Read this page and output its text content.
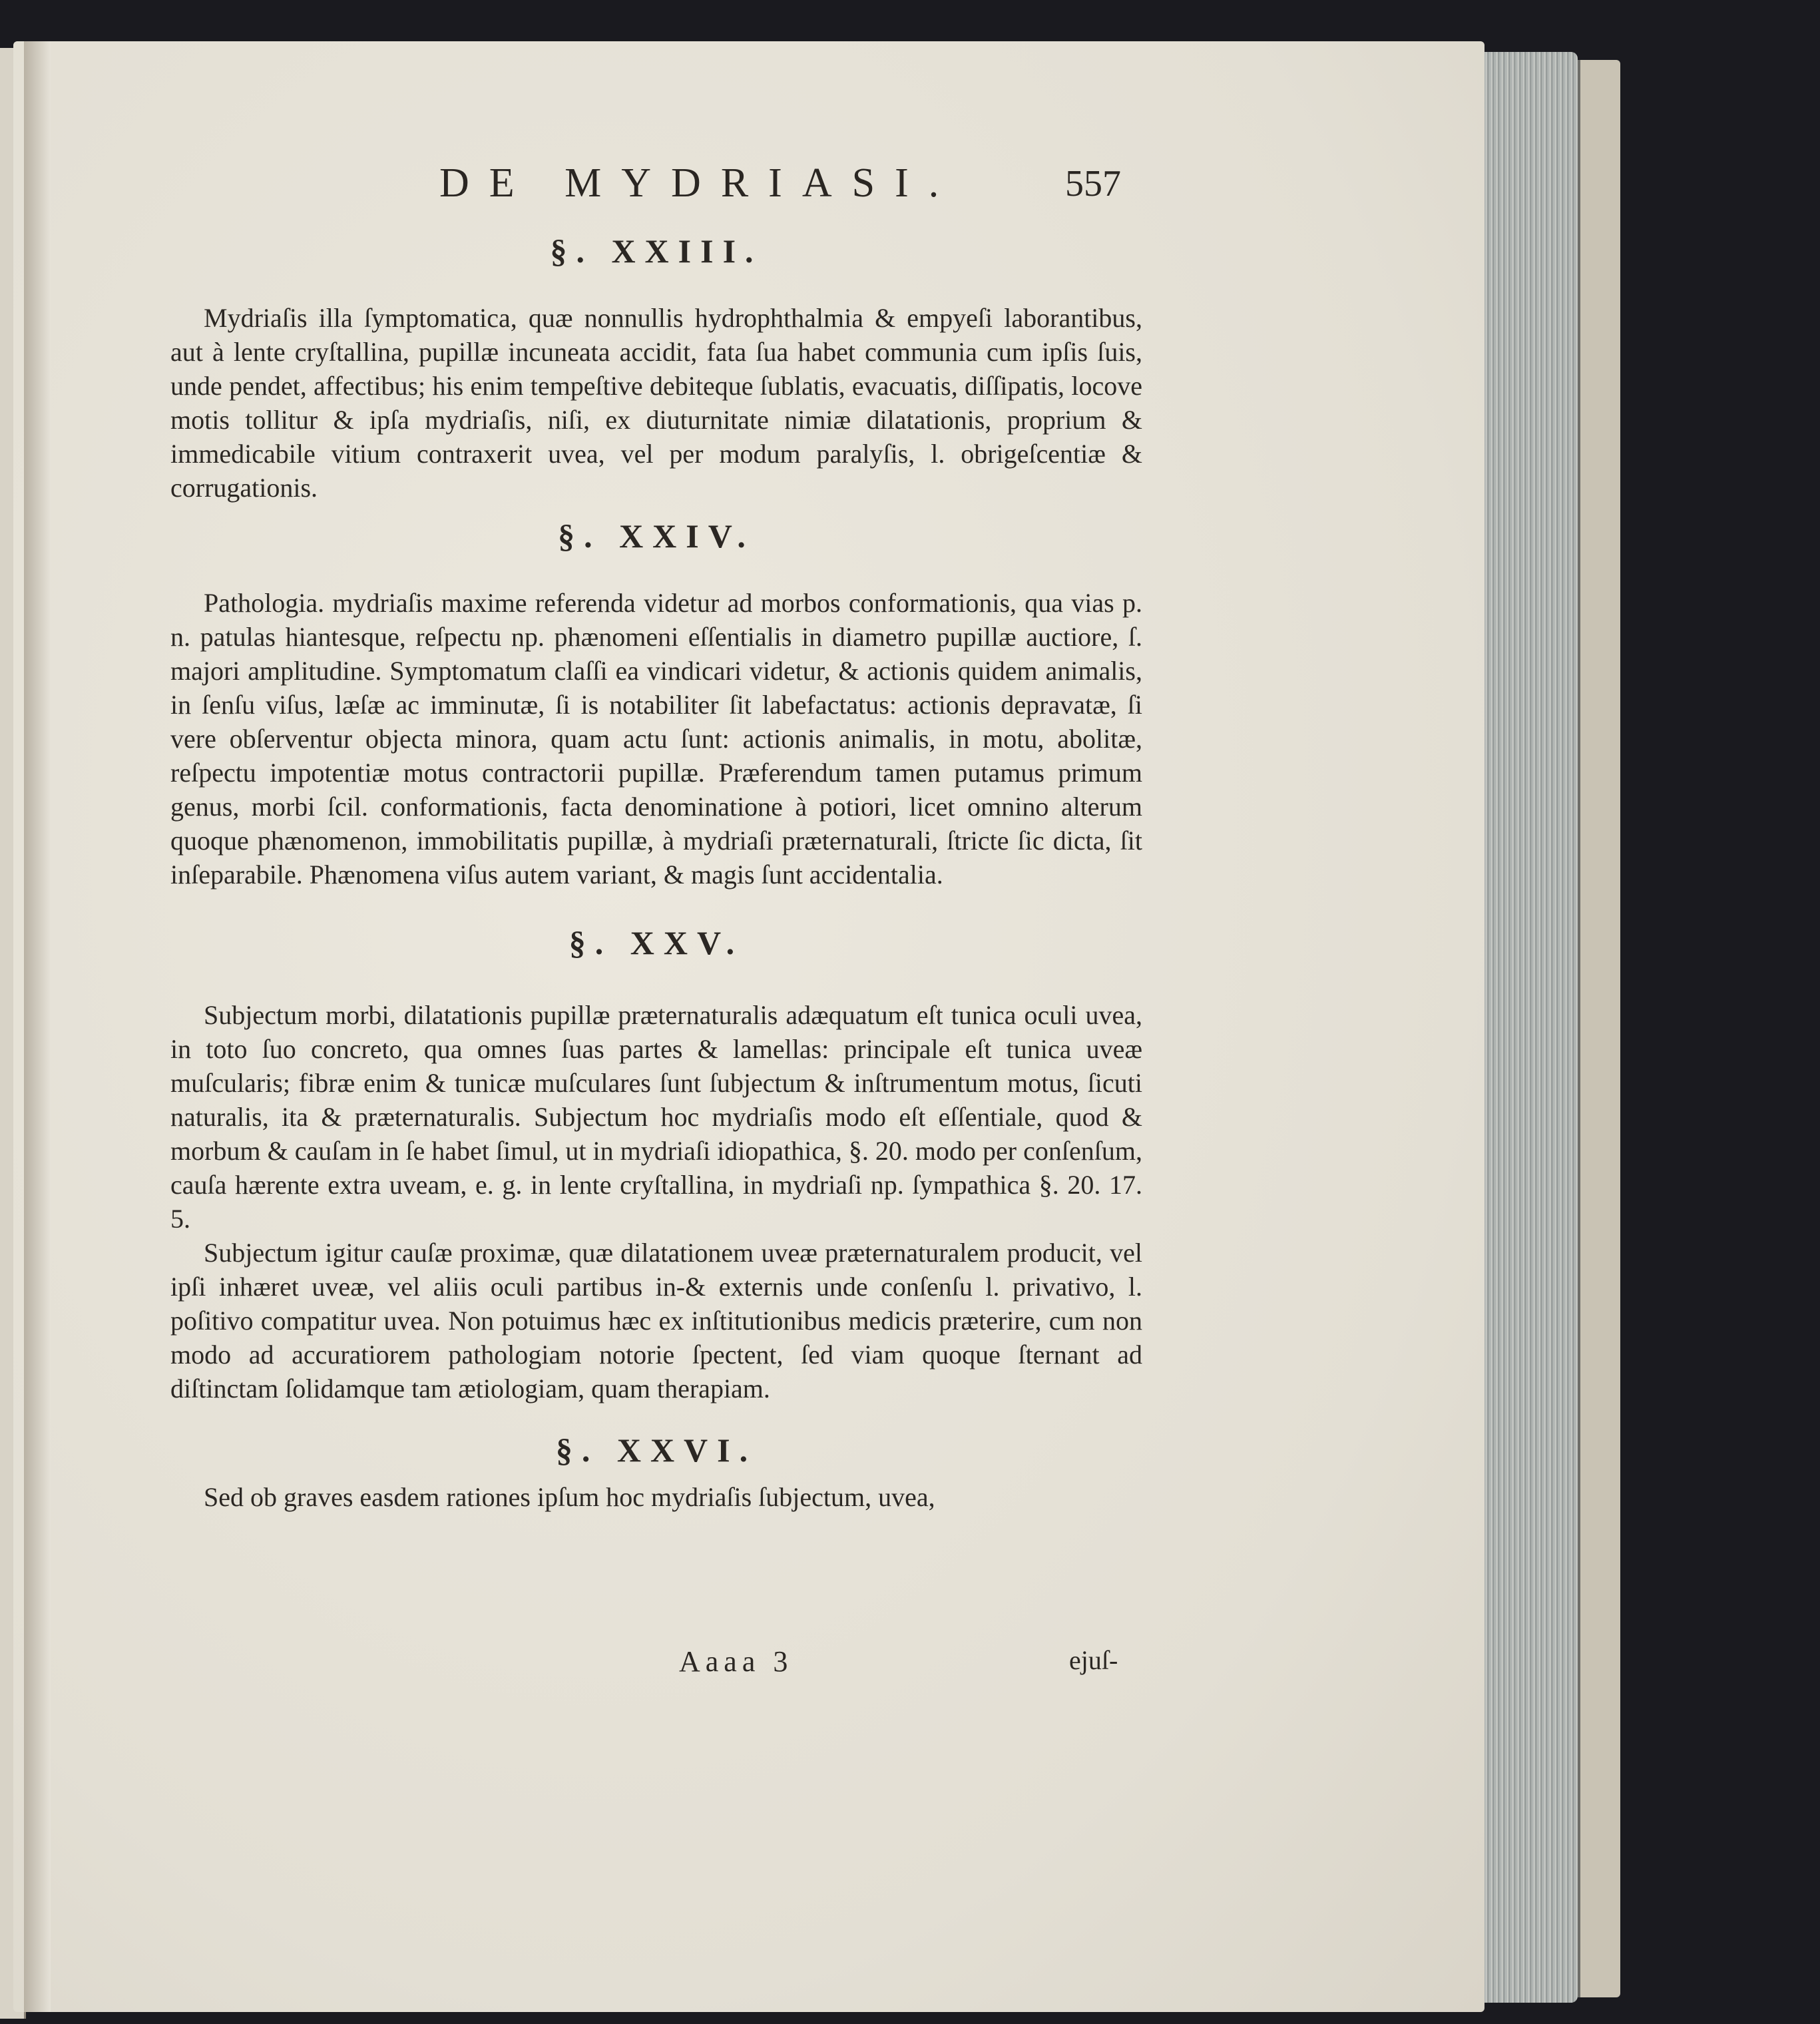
DE MYDRIASI.	557
§. XXIII.

Mydriaſis illa ſymptomatica, quæ nonnullis hydrophthalmia & empyeſi laborantibus, aut à lente cryſtallina, pupillæ incuneata accidit, fata ſua habet communia cum ipſis ſuis, unde pendet, affectibus; his enim tempeſtive debiteque ſublatis, evacuatis, diſſipatis, locove motis tollitur & ipſa mydriaſis, niſi, ex diuturnitate nimiæ dilatationis, proprium & immedicabile vitium contraxerit uvea, vel per modum paralyſis, l. obrigeſcentiæ & corrugationis.

§. XXIV.

Pathologia. mydriaſis maxime referenda videtur ad morbos conformationis, qua vias p. n. patulas hiantesque, reſpectu np. phænomeni eſſentialis in diametro pupillæ auctiore, ſ. majori amplitudine. Symptomatum claſſi ea vindicari videtur, & actionis quidem animalis, in ſenſu viſus, læſæ ac imminutæ, ſi is notabiliter ſit labefactatus: actionis depravatæ, ſi vere obſerventur objecta minora, quam actu ſunt: actionis animalis, in motu, abolitæ, reſpectu impotentiæ motus contractorii pupillæ. Præferendum tamen putamus primum genus, morbi ſcil. conformationis, facta denominatione à potiori, licet omnino alterum quoque phænomenon, immobilitatis pupillæ, à mydriaſi præternaturali, ſtricte ſic dicta, ſit inſeparabile. Phænomena viſus autem variant, & magis ſunt accidentalia.

§. XXV.

Subjectum morbi, dilatationis pupillæ præternaturalis adæquatum eſt tunica oculi uvea, in toto ſuo concreto, qua omnes ſuas partes & lamellas: principale eſt tunica uveæ muſcularis; fibræ enim & tunicæ muſculares ſunt ſubjectum & inſtrumentum motus, ſicuti naturalis, ita & præternaturalis. Subjectum hoc mydriaſis modo eſt eſſentiale, quod & morbum & cauſam in ſe habet ſimul, ut in mydriaſi idiopathica, §. 20. modo per conſenſum, cauſa hærente extra uveam, e. g. in lente cryſtallina, in mydriaſi np. ſympathica §. 20. 17. 5.

Subjectum igitur cauſæ proximæ, quæ dilatationem uveæ præternaturalem producit, vel ipſi inhæret uveæ, vel aliis oculi partibus in-& externis unde conſenſu l. privativo, l. poſitivo compatitur uvea. Non potuimus hæc ex inſtitutionibus medicis præterire, cum non modo ad accuratiorem pathologiam notorie ſpectent, ſed viam quoque ſternant ad diſtinctam ſolidamque tam ætiologiam, quam therapiam.

§. XXVI.

Sed ob graves easdem rationes ipſum hoc mydriaſis ſubjectum, uvea,

Aaaa 3	ejuſ-
